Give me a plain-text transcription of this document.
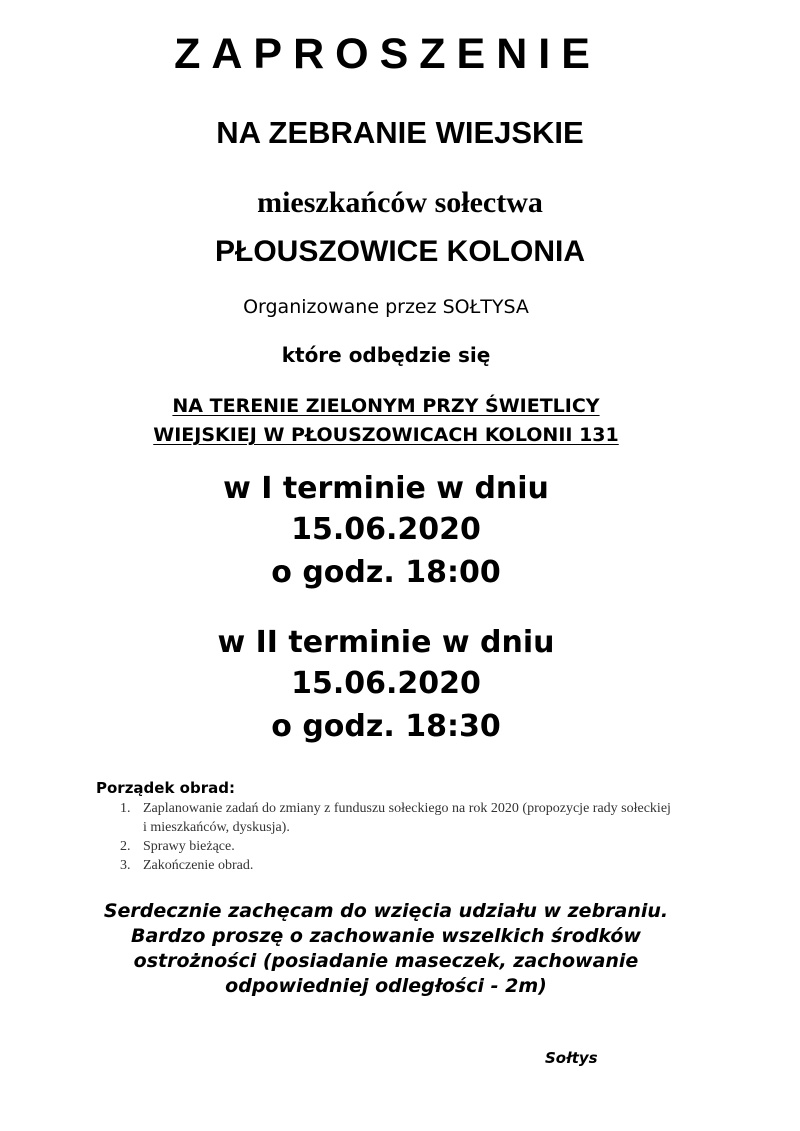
ZAPROSZENIE
NA ZEBRANIE WIEJSKIE
mieszkańców sołectwa
PŁOUSZOWICE KOLONIA
Organizowane przez SOŁTYSA
które odbędzie się
NA TERENIE ZIELONYM PRZY ŚWIETLICY
WIEJSKIEJ W PŁOUSZOWICACH KOLONII 131
w I terminie w dniu
15.06.2020
o godz. 18:00
w II terminie w dniu
15.06.2020
o godz. 18:30
Porządek obrad:
1. Zaplanowanie zadań do zmiany z funduszu sołeckiego na rok 2020 (propozycje rady sołeckiej
i mieszkańców, dyskusja).
2. Sprawy bieżące.
3. Zakończenie obrad.
Serdecznie zachęcam do wzięcia udziału w zebraniu.
Bardzo proszę o zachowanie wszelkich środków
ostrożności (posiadanie maseczek, zachowanie
odpowiedniej odległości - 2m)
Sołtys
